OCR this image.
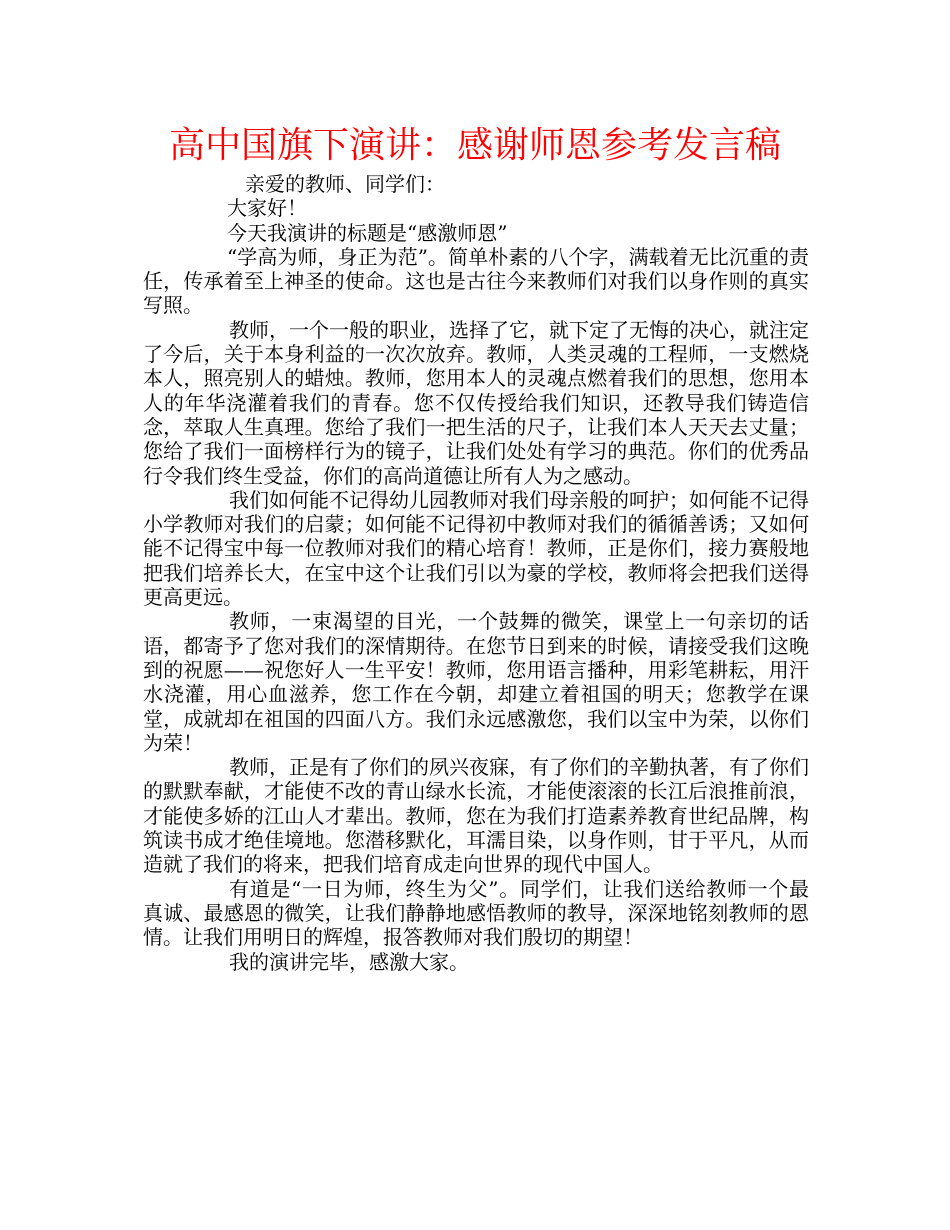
高中国旗下演讲：感谢师恩参考发言稿

亲爱的教师、同学们：

大家好！

今天我演讲的标题是“感激师恩”

“学高为师，身正为范”。简单朴素的八个字，满载着无比沉重的责任，传承着至上神圣的使命。这也是古往今来教师们对我们以身作则的真实写照。

教师，一个一般的职业，选择了它，就下定了无悔的决心，就注定了今后，关于本身利益的一次次放弃。教师，人类灵魂的工程师，一支燃烧本人，照亮别人的蜡烛。教师，您用本人的灵魂点燃着我们的思想，您用本人的年华浇灌着我们的青春。您不仅传授给我们知识，还教导我们铸造信念，萃取人生真理。您给了我们一把生活的尺子，让我们本人天天去丈量；您给了我们一面榜样行为的镜子，让我们处处有学习的典范。你们的优秀品行令我们终生受益，你们的高尚道德让所有人为之感动。

我们如何能不记得幼儿园教师对我们母亲般的呵护；如何能不记得小学教师对我们的启蒙；如何能不记得初中教师对我们的循循善诱；又如何能不记得宝中每一位教师对我们的精心培育！教师，正是你们，接力赛般地把我们培养长大，在宝中这个让我们引以为豪的学校，教师将会把我们送得更高更远。

教师，一束渴望的目光，一个鼓舞的微笑，课堂上一句亲切的话语，都寄予了您对我们的深情期待。在您节日到来的时候，请接受我们这晚到的祝愿——祝您好人一生平安！教师，您用语言播种，用彩笔耕耘，用汗水浇灌，用心血滋养，您工作在今朝，却建立着祖国的明天；您教学在课堂，成就却在祖国的四面八方。我们永远感激您，我们以宝中为荣，以你们为荣！

教师，正是有了你们的夙兴夜寐，有了你们的辛勤执著，有了你们的默默奉献，才能使不改的青山绿水长流，才能使滚滚的长江后浪推前浪，才能使多娇的江山人才辈出。教师，您在为我们打造素养教育世纪品牌，构筑读书成才绝佳境地。您潜移默化，耳濡目染，以身作则，甘于平凡，从而造就了我们的将来，把我们培育成走向世界的现代中国人。

有道是“一日为师，终生为父”。同学们，让我们送给教师一个最真诚、最感恩的微笑，让我们静静地感悟教师的教导，深深地铭刻教师的恩情。让我们用明日的辉煌，报答教师对我们殷切的期望！

我的演讲完毕，感激大家。
